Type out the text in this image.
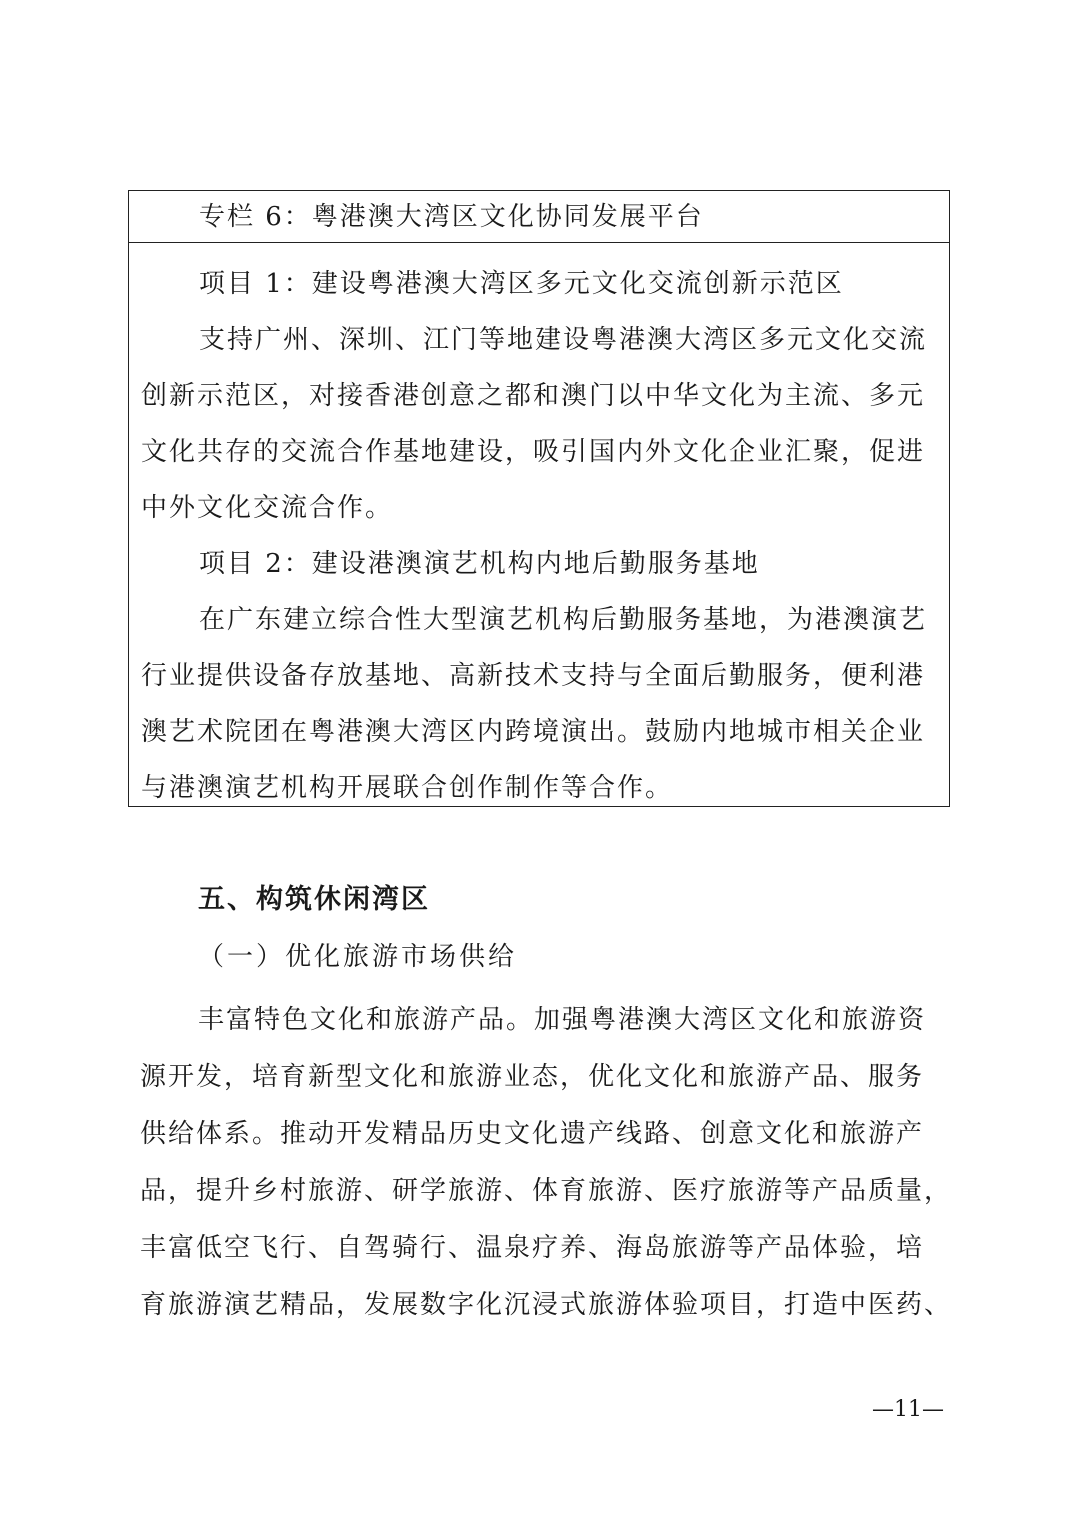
专栏 6：粤港澳大湾区文化协同发展平台
项目 1：建设粤港澳大湾区多元文化交流创新示范区
支持广州、深圳、江门等地建设粤港澳大湾区多元文化交流
创新示范区，对接香港创意之都和澳门以中华文化为主流、多元
文化共存的交流合作基地建设，吸引国内外文化企业汇聚，促进
中外文化交流合作。
项目 2：建设港澳演艺机构内地后勤服务基地
在广东建立综合性大型演艺机构后勤服务基地，为港澳演艺
行业提供设备存放基地、高新技术支持与全面后勤服务，便利港
澳艺术院团在粤港澳大湾区内跨境演出。鼓励内地城市相关企业
与港澳演艺机构开展联合创作制作等合作。
五、构筑休闲湾区
（一）优化旅游市场供给
丰富特色文化和旅游产品。加强粤港澳大湾区文化和旅游资
源开发，培育新型文化和旅游业态，优化文化和旅游产品、服务
供给体系。推动开发精品历史文化遗产线路、创意文化和旅游产
品，提升乡村旅游、研学旅游、体育旅游、医疗旅游等产品质量，
丰富低空飞行、自驾骑行、温泉疗养、海岛旅游等产品体验，培
育旅游演艺精品，发展数字化沉浸式旅游体验项目，打造中医药、
—11—
